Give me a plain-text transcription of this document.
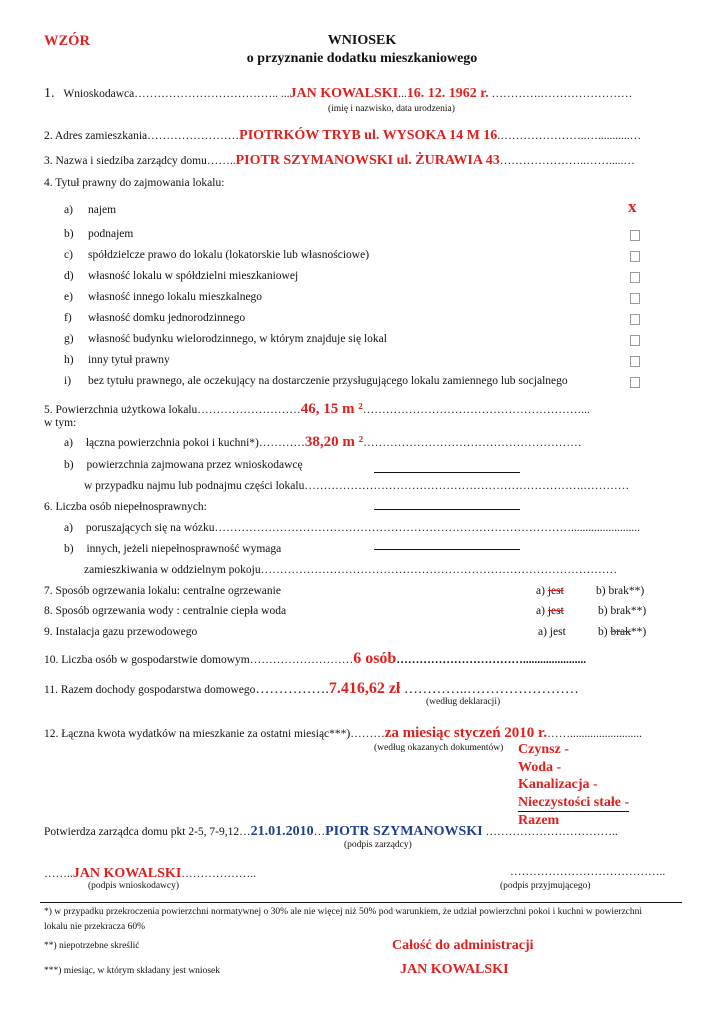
WZÓR	WNIOSEK
o przyznanie dodatku mieszkaniowego
1. Wnioskodawca……………………………….. ...JAN KOWALSKI...16. 12. 1962 r. ………….……………………
(imię i nazwisko, data urodzenia)
2. Adres zamieszkania……………………PIOTRKÓW TRYB ul. WYSOKA 14 M 16.…………………..…...........…
3. Nazwa i siedziba zarządcy domu……..PIOTR SZYMANOWSKI ul. ŻURAWIA 43…………………..…….....…
4. Tytuł prawny do zajmowania lokalu:
a) najem	x
b) podnajem
c) spółdzielcze prawo do lokalu (lokatorskie lub własnościowe)
d) własność lokalu w spółdzielni mieszkaniowej
e) własność innego lokalu mieszkalnego
f) własność domku jednorodzinnego
g) własność budynku wielorodzinnego, w którym znajduje się lokal
h) inny tytuł prawny
i) bez tytułu prawnego, ale oczekujący na dostarczenie przysługującego lokalu zamiennego lub socjalnego
5. Powierzchnia użytkowa lokalu………………………46, 15 m ²…………………………………………………...
w tym:
a) łączna powierzchnia pokoi i kuchni*)…………38,20 m ²…………………………………………………
b) powierzchnia zajmowana przez wnioskodawcę
w przypadku najmu lub podnajmu części lokalu……………………………………………………………….…………
6. Liczba osób niepełnosprawnych:
a) poruszających się na wózku…………………………………………………………………………………........................
b) innych, jeżeli niepełnosprawność wymaga
zamieszkiwania w oddzielnym pokoju…………………………………………………………………………………
7. Sposób ogrzewania lokalu: centralne ogrzewanie	a) jest	b) brak**)
8. Sposób ogrzewania wody : centralnie ciepła woda	a) jest	b) brak**)
9. Instalacja gazu przewodowego	a) jest	b) brak**)
10. Liczba osób w gospodarstwie domowym………………………6 osób……………………………......................
11. Razem dochody gospodarstwa domowego…………….7.416,62 zł …………..……………………
(według deklaracji)
12. Łączna kwota wydatków na mieszkanie za ostatni miesiąc***)………za miesiąc styczeń 2010 r.…….........................
(według okazanych dokumentów) Czynsz -
Woda -
Kanalizacja -
Nieczystości stałe -
Razem
Potwierdza zarządca domu pkt 2-5, 7-9,12…21.01.2010…PIOTR SZYMANOWSKI ……………………………..
(podpis zarządcy)
……..JAN KOWALSKI………………..
(podpis wnioskodawcy)
…………………………………..
(podpis przyjmującego)
*) w przypadku przekroczenia powierzchni normatywnej o 30% ale nie więcej niż 50% pod warunkiem, że udział powierzchni pokoi i kuchni w powierzchni
lokalu nie przekracza 60%
**) niepotrzebne skreślić
***) miesiąc, w którym składany jest wniosek
Całość do administracji
JAN KOWALSKI
